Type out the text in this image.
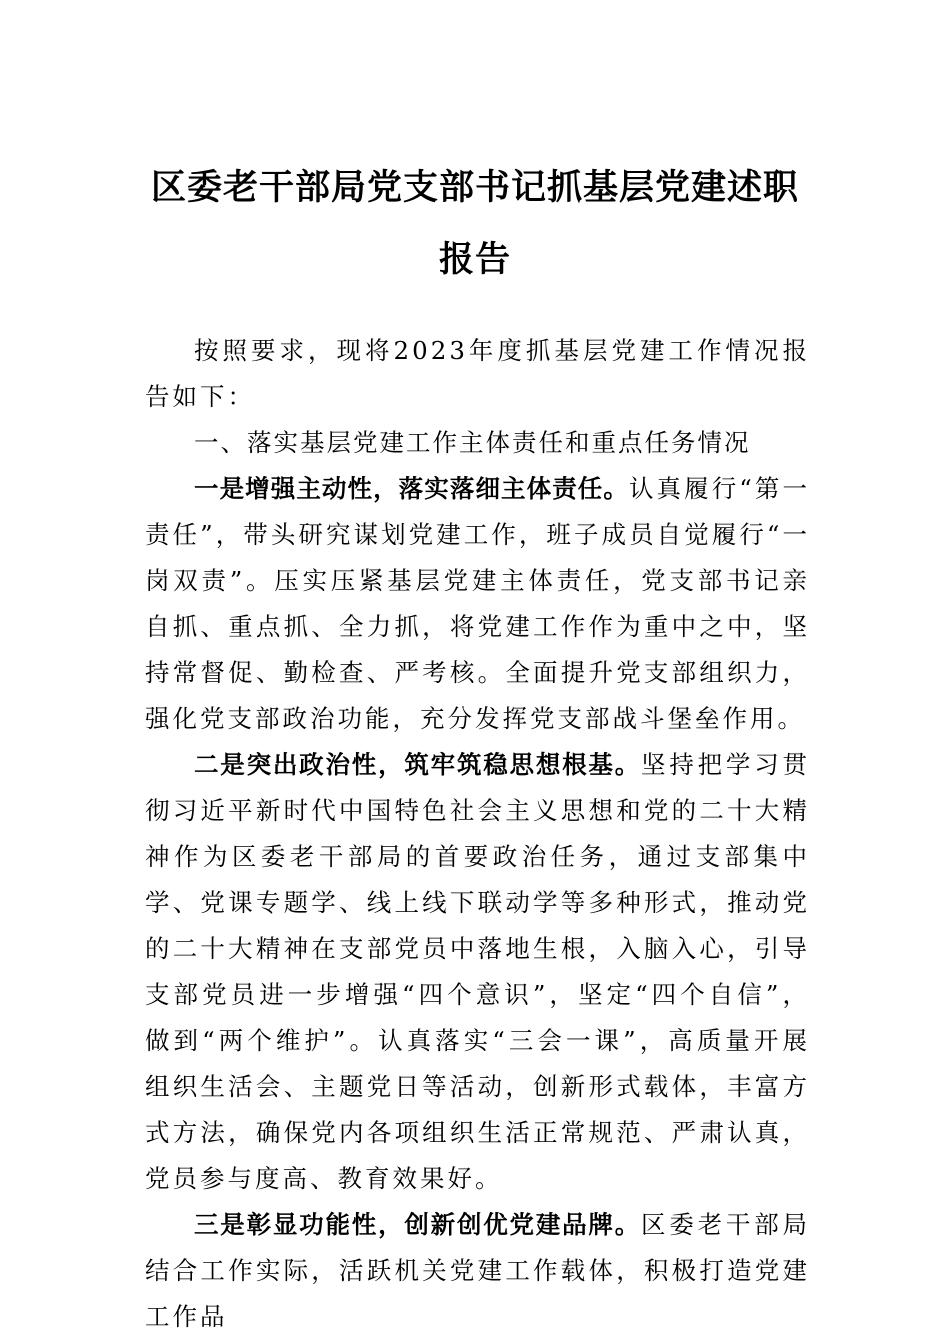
区委老干部局党支部书记抓基层党建述职报告

按照要求，现将2023年度抓基层党建工作情况报告如下：

一、落实基层党建工作主体责任和重点任务情况

一是增强主动性，落实落细主体责任。认真履行“第一责任”，带头研究谋划党建工作，班子成员自觉履行“一岗双责”。压实压紧基层党建主体责任，党支部书记亲自抓、重点抓、全力抓，将党建工作作为重中之中，坚持常督促、勤检查、严考核。全面提升党支部组织力，强化党支部政治功能，充分发挥党支部战斗堡垒作用。

二是突出政治性，筑牢筑稳思想根基。坚持把学习贯彻习近平新时代中国特色社会主义思想和党的二十大精神作为区委老干部局的首要政治任务，通过支部集中学、党课专题学、线上线下联动学等多种形式，推动党的二十大精神在支部党员中落地生根，入脑入心，引导支部党员进一步增强“四个意识”，坚定“四个自信”，做到“两个维护”。认真落实“三会一课”，高质量开展组织生活会、主题党日等活动，创新形式载体，丰富方式方法，确保党内各项组织生活正常规范、严肃认真，党员参与度高、教育效果好。

三是彰显功能性，创新创优党建品牌。区委老干部局结合工作实际，活跃机关党建工作载体，积极打造党建工作品
